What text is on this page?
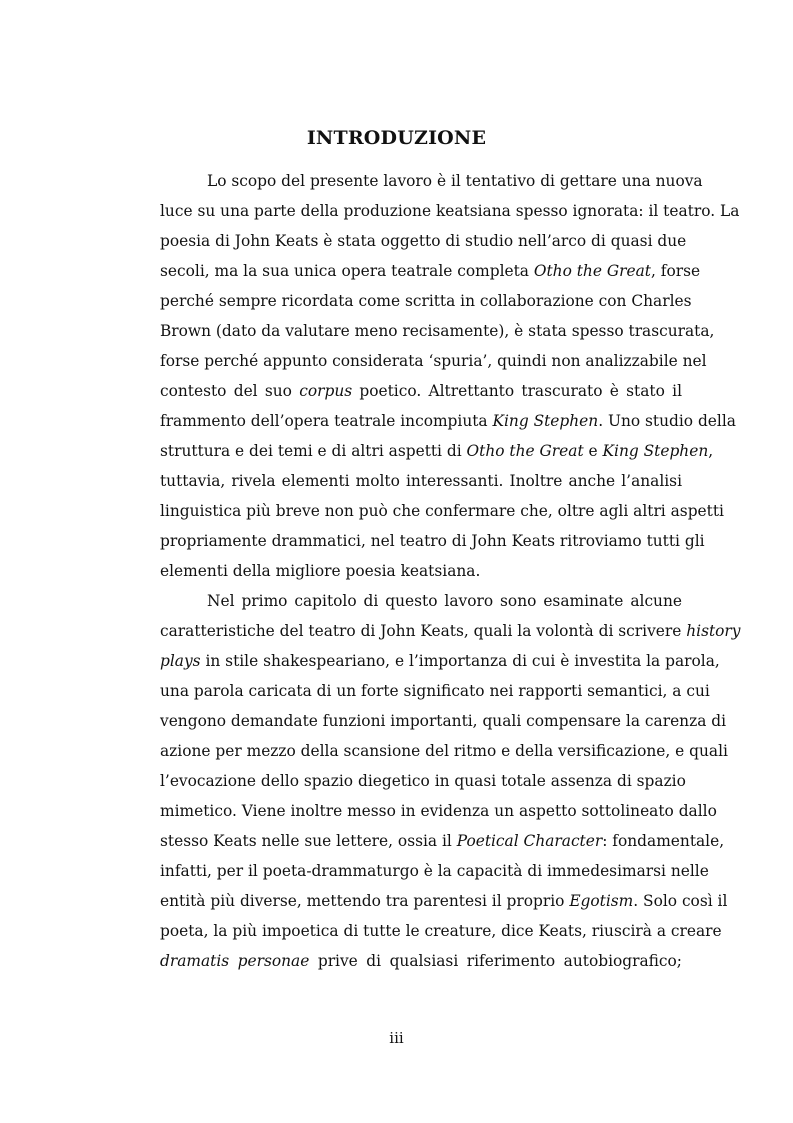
INTRODUZIONE
Lo scopo del presente lavoro è il tentativo di gettare una nuova
luce su una parte della produzione keatsiana spesso ignorata: il teatro. La
poesia di John Keats è stata oggetto di studio nell’arco di quasi due
secoli, ma la sua unica opera teatrale completa Otho the Great, forse
perché sempre ricordata come scritta in collaborazione con Charles
Brown (dato da valutare meno recisamente), è stata spesso trascurata,
forse perché appunto considerata ‘spuria’, quindi non analizzabile nel
contesto del suo corpus poetico. Altrettanto trascurato è stato il
frammento dell’opera teatrale incompiuta King Stephen. Uno studio della
struttura e dei temi e di altri aspetti di Otho the Great e King Stephen,
tuttavia, rivela elementi molto interessanti. Inoltre anche l’analisi
linguistica più breve non può che confermare che, oltre agli altri aspetti
propriamente drammatici, nel teatro di John Keats ritroviamo tutti gli
elementi della migliore poesia keatsiana.
Nel primo capitolo di questo lavoro sono esaminate alcune
caratteristiche del teatro di John Keats, quali la volontà di scrivere history
plays in stile shakespeariano, e l’importanza di cui è investita la parola,
una parola caricata di un forte significato nei rapporti semantici, a cui
vengono demandate funzioni importanti, quali compensare la carenza di
azione per mezzo della scansione del ritmo e della versificazione, e quali
l’evocazione dello spazio diegetico in quasi totale assenza di spazio
mimetico. Viene inoltre messo in evidenza un aspetto sottolineato dallo
stesso Keats nelle sue lettere, ossia il Poetical Character: fondamentale,
infatti, per il poeta-drammaturgo è la capacità di immedesimarsi nelle
entità più diverse, mettendo tra parentesi il proprio Egotism. Solo così il
poeta, la più impoetica di tutte le creature, dice Keats, riuscirà a creare
dramatis personae prive di qualsiasi riferimento autobiografico;
iii
